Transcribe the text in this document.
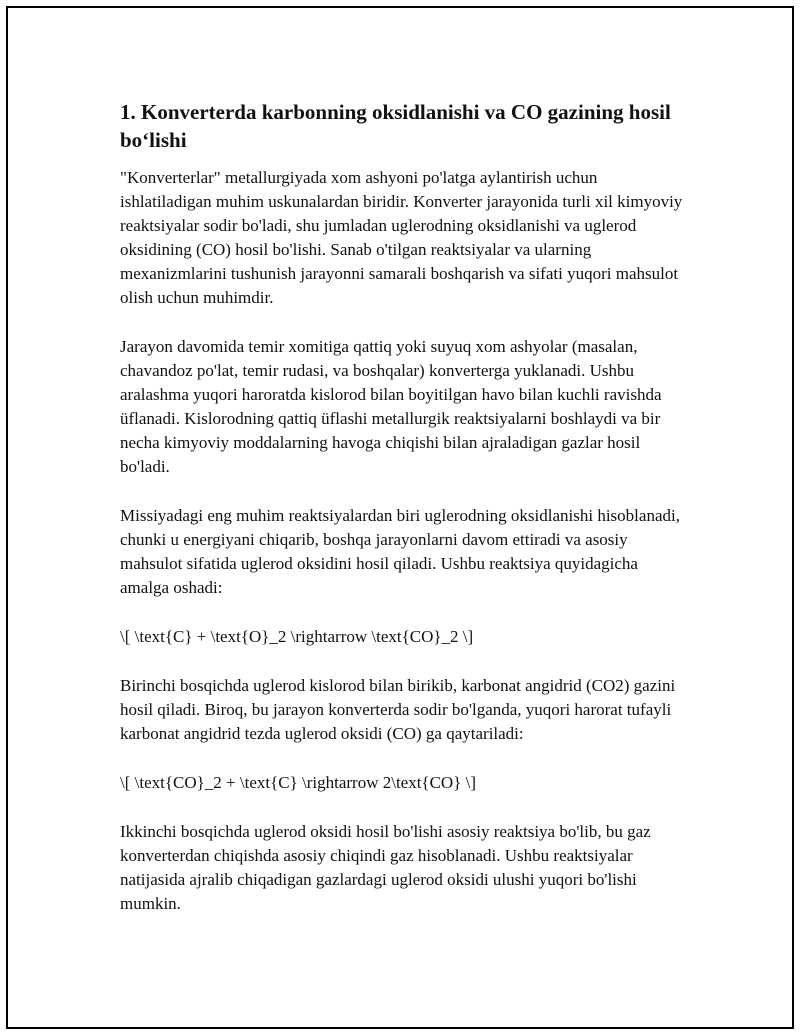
1. Konverterda karbonning oksidlanishi va CO gazining hosil bo‘lishi

"Konverterlar" metallurgiyada xom ashyoni po'latga aylantirish uchun ishlatiladigan muhim uskunalardan biridir. Konverter jarayonida turli xil kimyoviy reaktsiyalar sodir bo'ladi, shu jumladan uglerodning oksidlanishi va uglerod oksidining (CO) hosil bo'lishi. Sanab o'tilgan reaktsiyalar va ularning mexanizmlarini tushunish jarayonni samarali boshqarish va sifati yuqori mahsulot olish uchun muhimdir.

Jarayon davomida temir xomitiga qattiq yoki suyuq xom ashyolar (masalan, chavandoz po'lat, temir rudasi, va boshqalar) konverterga yuklanadi. Ushbu aralashma yuqori haroratda kislorod bilan boyitilgan havo bilan kuchli ravishda üflanadi. Kislorodning qattiq üflashi metallurgik reaktsiyalarni boshlaydi va bir necha kimyoviy moddalarning havoga chiqishi bilan ajraladigan gazlar hosil bo'ladi.

Missiyadagi eng muhim reaktsiyalardan biri uglerodning oksidlanishi hisoblanadi, chunki u energiyani chiqarib, boshqa jarayonlarni davom ettiradi va asosiy mahsulot sifatida uglerod oksidini hosil qiladi. Ushbu reaktsiya quyidagicha amalga oshadi:

\[ \text{C} + \text{O}_2 \rightarrow \text{CO}_2 \]

Birinchi bosqichda uglerod kislorod bilan birikib, karbonat angidrid (CO2) gazini hosil qiladi. Biroq, bu jarayon konverterda sodir bo'lganda, yuqori harorat tufayli karbonat angidrid tezda uglerod oksidi (CO) ga qaytariladi:

\[ \text{CO}_2 + \text{C} \rightarrow 2\text{CO} \]

Ikkinchi bosqichda uglerod oksidi hosil bo'lishi asosiy reaktsiya bo'lib, bu gaz konverterdan chiqishda asosiy chiqindi gaz hisoblanadi. Ushbu reaktsiyalar natijasida ajralib chiqadigan gazlardagi uglerod oksidi ulushi yuqori bo'lishi mumkin.
